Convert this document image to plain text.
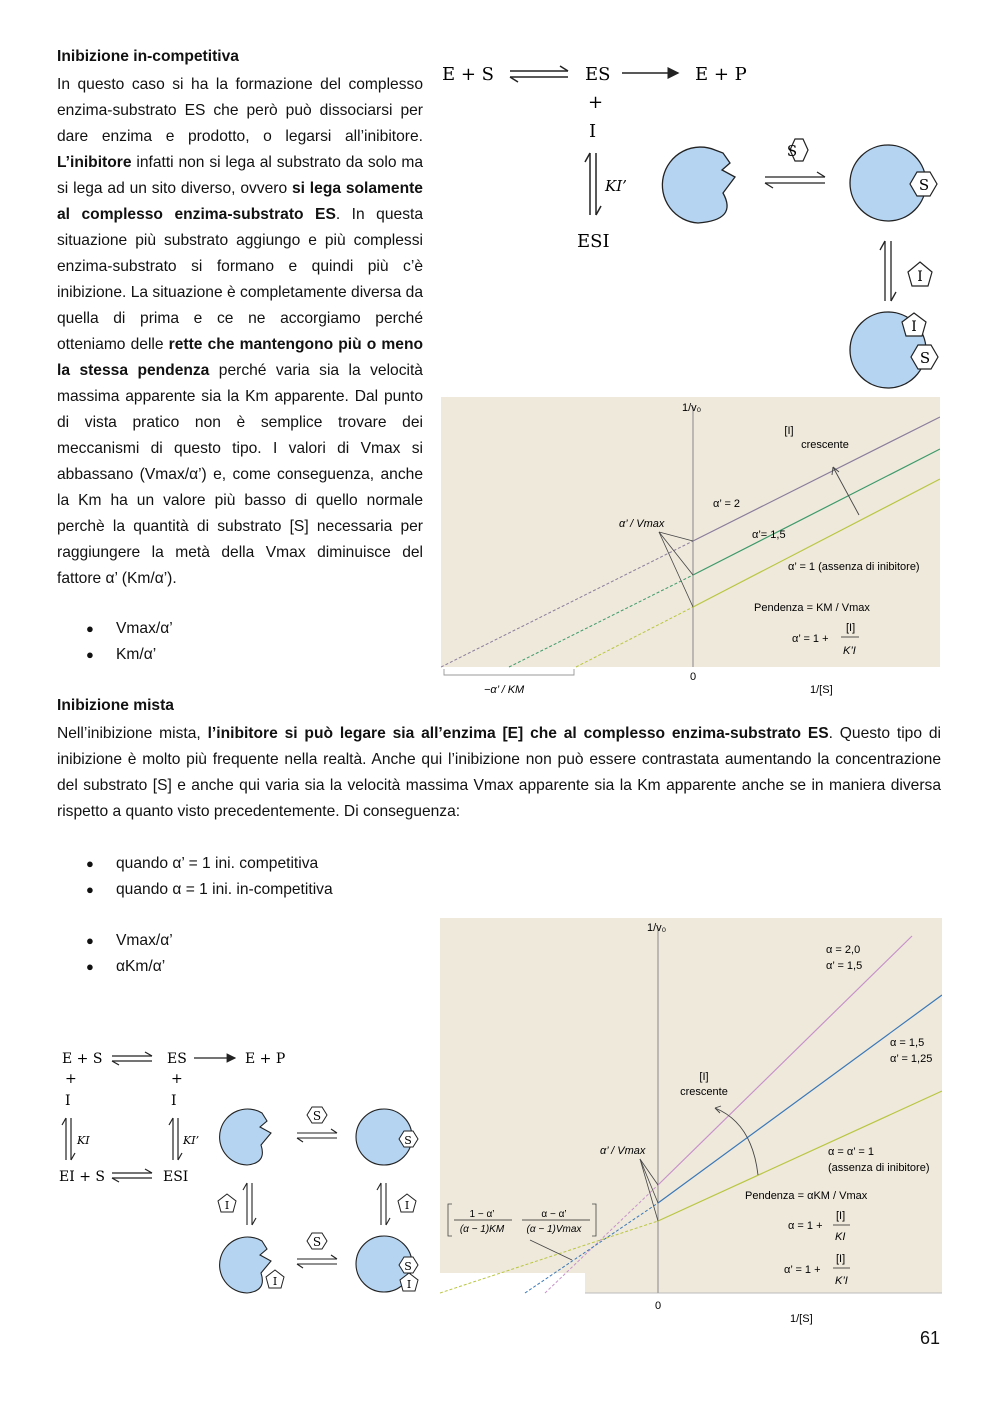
Inibizione in-competitiva
In questo caso si ha la formazione del complesso enzima-substrato ES che però può dissociarsi per dare enzima e prodotto, o legarsi all’inibitore. L’inibitore infatti non si lega al substrato da solo ma si lega ad un sito diverso, ovvero si lega solamente al complesso enzima-substrato ES. In questa situazione più substrato aggiungo e più complessi enzima-substrato si formano e quindi più c’è inibizione. La situazione è completamente diversa da quella di prima e ce ne accorgiamo perché otteniamo delle rette che mantengono più o meno la stessa pendenza perché varia sia la velocità massima apparente sia la Km apparente. Dal punto di vista pratico non è semplice trovare dei meccanismi di questo tipo. I valori di Vmax si abbassano (Vmax/α’) e, come conseguenza, anche la Km ha un valore più basso di quello normale perchè la quantità di substrato [S] necessaria per raggiungere la metà della Vmax diminuisce del fattore α’ (Km/α’).
● Vmax/α’
● Km/α’
E + S	ES	E + P
+
I
KI’
ESI
S
S
I
I
S
1/v₀
[I]
crescente
α’ = 2
α’= 1,5
α’ = 1 (assenza di inibitore)
α’ / Vmax
Pendenza = KM / Vmax
α’ = 1 +
[I]
K’I
0
−α’ / KM	1/[S]
Inibizione mista
Nell’inibizione mista, l’inibitore si può legare sia all’enzima [E] che al complesso enzima-substrato ES. Questo tipo di inibizione è molto più frequente nella realtà. Anche qui l’inibizione non può essere contrastata aumentando la concentrazione del substrato [S] e anche qui varia sia la velocità massima Vmax apparente sia la Km apparente anche se in maniera diversa rispetto a quanto visto precedentemente. Di conseguenza:
● quando α’ = 1 ini. competitiva
● quando α = 1 ini. in-competitiva
● Vmax/α’
● αKm/α’
E + S	ES	E + P
+	+
I	I
KI	KI’
EI + S	ESI
S
S
I	I
I
S
S
I
1/v₀
α = 2,0
α’ = 1,5
α = 1,5
α’ = 1,25
α = α’ = 1
(assenza di inibitore)
[I]
crescente
α’ / Vmax
Pendenza = αKM / Vmax
α = 1 +
[I]
KI
α’ = 1 +
[I]
K’I
1 − α’
(α − 1)KM
α − α’
(α − 1)Vmax
0
1/[S]
61
